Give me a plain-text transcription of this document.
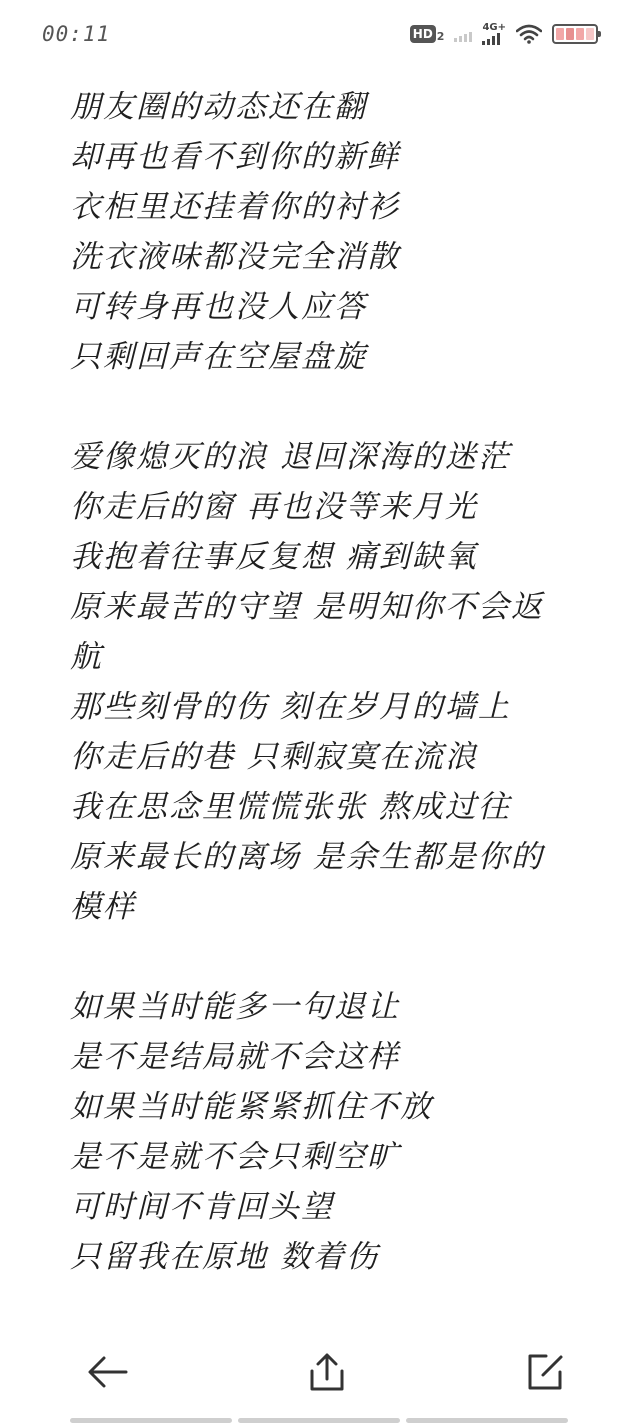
00:11	HD 2
4G+
朋友圈的动态还在翻
却再也看不到你的新鲜
衣柜里还挂着你的衬衫
洗衣液味都没完全消散
可转身再也没人应答
只剩回声在空屋盘旋
爱像熄灭的浪 退回深海的迷茫
你走后的窗 再也没等来月光
我抱着往事反复想 痛到缺氧
原来最苦的守望 是明知你不会返
航
那些刻骨的伤 刻在岁月的墙上
你走后的巷 只剩寂寞在流浪
我在思念里慌慌张张 熬成过往
原来最长的离场 是余生都是你的
模样
如果当时能多一句退让
是不是结局就不会这样
如果当时能紧紧抓住不放
是不是就不会只剩空旷
可时间不肯回头望
只留我在原地 数着伤
